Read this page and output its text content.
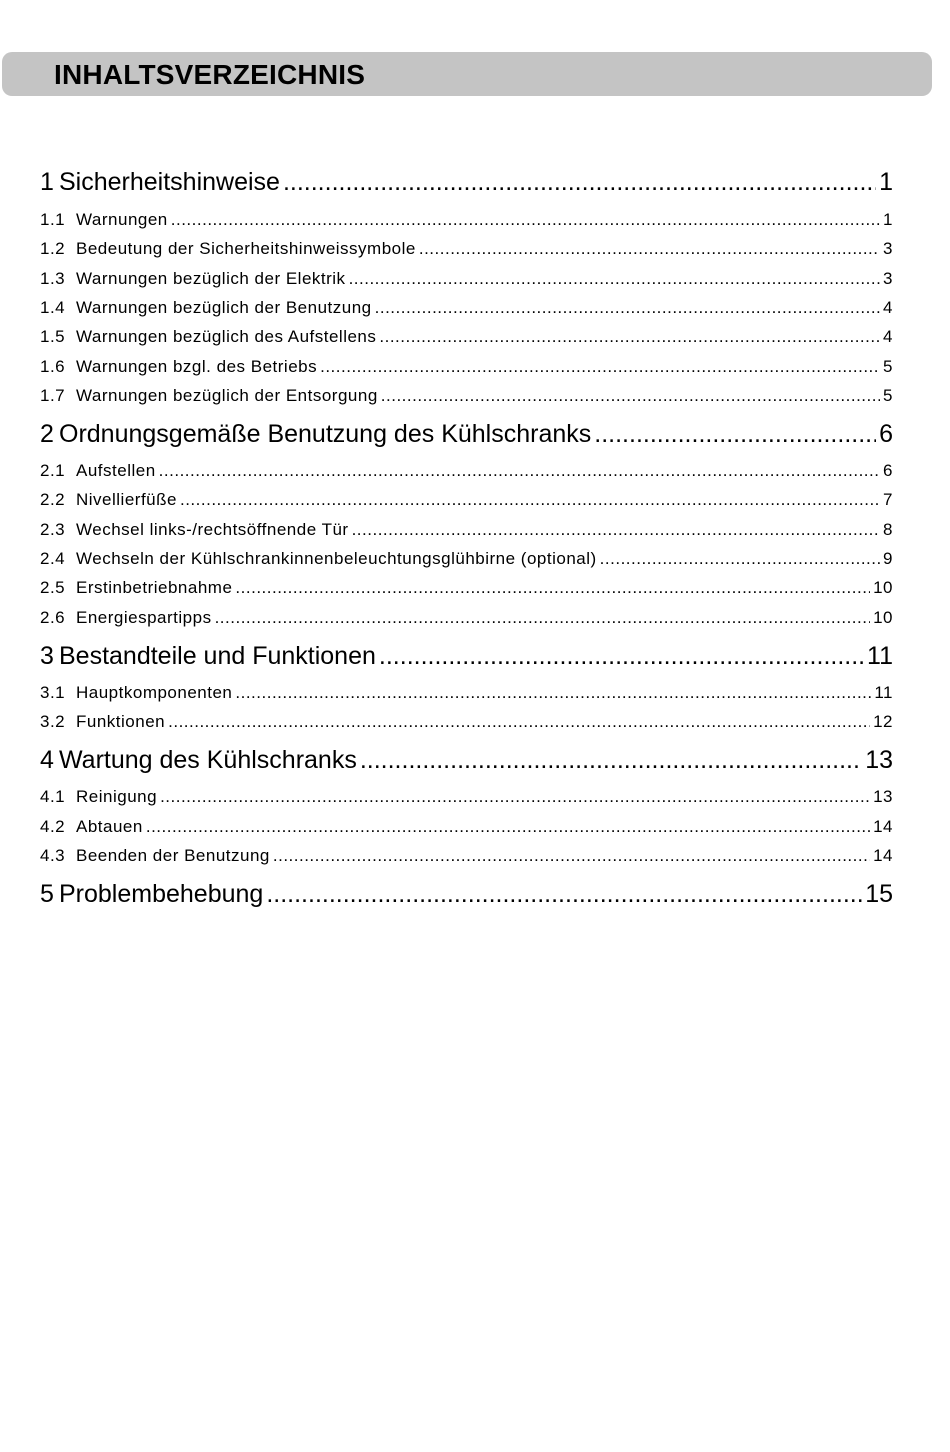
INHALTSVERZEICHNIS
1 Sicherheitshinweise .....	1
1.1 Warnungen .....	1
1.2 Bedeutung der Sicherheitshinweissymbole .....	3
1.3 Warnungen bezüglich der Elektrik .....	3
1.4 Warnungen bezüglich der Benutzung .....	4
1.5 Warnungen bezüglich des Aufstellens .....	4
1.6 Warnungen bzgl. des Betriebs .....	5
1.7 Warnungen bezüglich der Entsorgung .....	5
2 Ordnungsgemäße Benutzung des Kühlschranks .....	6
2.1 Aufstellen .....	6
2.2 Nivellierfüße .....	7
2.3 Wechsel links-/rechtsöffnende Tür .....	8
2.4 Wechseln der Kühlschrankinnenbeleuchtungsglühbirne (optional) .....	9
2.5 Erstinbetriebnahme .....	10
2.6 Energiespartipps .....	10
3 Bestandteile und Funktionen .....	11
3.1 Hauptkomponenten .....	11
3.2 Funktionen .....	12
4 Wartung des Kühlschranks .....	13
4.1 Reinigung .....	13
4.2 Abtauen .....	14
4.3 Beenden der Benutzung .....	14
5 Problembehebung .....	15
